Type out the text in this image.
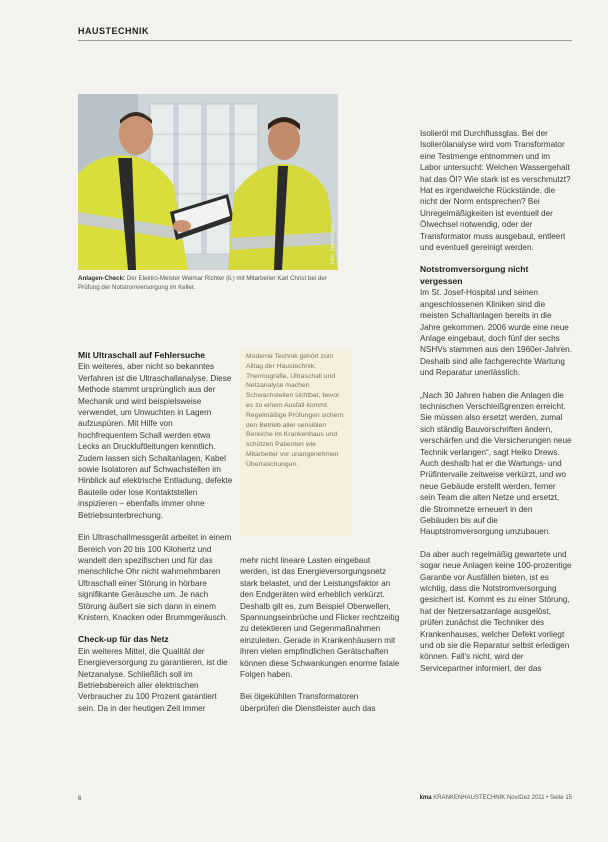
HAUSTECHNIK
Foto: Stamenkovic
Anlagen-Check: Der Elektro-Meister Weimar Richter (li.) mit Mitarbeiter Karl Christ bei der Prüfung der Notstromversorgung im Keller.
Mit Ultraschall auf Fehlersuche

Ein weiteres, aber nicht so bekanntes Verfahren ist die Ultraschallanalyse. Diese Methode stammt ursprünglich aus der Mechanik und wird beispielsweise verwendet, um Unwuchten in Lagern aufzuspüren. Mit Hilfe von hochfrequentem Schall werden etwa Lecks an Druckluftleitungen kenntlich. Zudem lassen sich Schaltanlagen, Kabel sowie Isolatoren auf Schwachstellen im Hinblick auf elektrische Entladung, defekte Bauteile oder lose Kontaktstellen inspizieren – ebenfalls immer ohne Betriebsunterbrechung.

Ein Ultraschallmessgerät arbeitet in einem Bereich von 20 bis 100 Kilohertz und wandelt den spezifischen und für das menschliche Ohr nicht wahrnehmbaren Ultraschall einer Störung in hörbare signifikante Geräusche um. Je nach Störung äußert sie sich dann in einem Knistern, Knacken oder Brummgeräusch.

Check-up für das Netz

Ein weiteres Mittel, die Qualität der Energieversorgung zu garantieren, ist die Netzanalyse. Schließlich soll im Betriebsbereich aller elektrischen Verbraucher zu 100 Prozent garantiert sein. Da in der heutigen Zeit immer

Moderne Technik gehört zum Alltag der Haustechnik: Thermografie, Ultraschall und Netzanalyse machen Schwachstellen sichtbar, bevor es zu einem Ausfall kommt. Regelmäßige Prüfungen sichern den Betrieb aller sensiblen Bereiche im Krankenhaus und schützen Patienten wie Mitarbeiter vor unangenehmen Überraschungen.

mehr nicht lineare Lasten eingebaut werden, ist das Energieversorgungsnetz stark belastet, und der Leistungsfaktor an den Endgeräten wird erheblich verkürzt. Deshalb gilt es, zum Beispiel Oberwellen, Spannungseinbrüche und Flicker rechtzeitig zu detektieren und Gegenmaßnahmen einzuleiten. Gerade in Krankenhäusern mit ihren vielen empfindlichen Gerätschaften können diese Schwankungen enorme fatale Folgen haben.

Bei ölgekühlten Transformatoren überprüfen die Dienstleister auch das

Isolieröl mit Durchflussglas. Bei der Isolierölanalyse wird vom Transformator eine Testmenge entnommen und im Labor untersucht: Welchen Wassergehalt hat das Öl? Wie stark ist es verschmutzt? Hat es irgendwelche Rückstände, die nicht der Norm entsprechen? Bei Unregelmäßigkeiten ist eventuell der Ölwechsel notwendig, oder der Transformator muss ausgebaut, entleert und eventuell gereinigt werden.

Notstromversorgung nicht vergessen

Im St. Josef-Hospital und seinen angeschlossenen Kliniken sind die meisten Schaltanlagen bereits in die Jahre gekommen. 2006 wurde eine neue Anlage eingebaut, doch fünf der sechs NSHVs stammen aus den 1960er-Jahren. Deshalb sind alle fachgerechte Wartung und Reparatur unerlässlich.

„Nach 30 Jahren haben die Anlagen die technischen Verschleißgrenzen erreicht. Sie müssen also ersetzt werden, zumal sich ständig Bauvorschriften ändern, verschärfen und die Versicherungen neue Technik verlangen“, sagt Heiko Drews. Auch deshalb hat er die Wartungs- und Prüfintervalle zeitweise verkürzt, und wo neue Gebäude erstellt werden, ferner sein Team die alten Netze und ersetzt, die Stromnetze erneuert in den Gebäuden bis auf die Hauptstromversorgung umzubauen.

Da aber auch regelmäßig gewartete und sogar neue Anlagen keine 100-prozentige Garantie vor Ausfällen bieten, ist es wichtig, dass die Notstromversorgung gesichert ist. Kommt es zu einer Störung, hat der Netzersatzanlage ausgelöst, prüfen zunächst die Techniker des Krankenhauses, welcher Defekt vorliegt und ob sie die Reparatur selbst erledigen können. Fall's nicht, wird der Servicepartner informiert, der das

6	kma KRANKENHAUSTECHNIK Nov/Dez 2011 • Seite 15
